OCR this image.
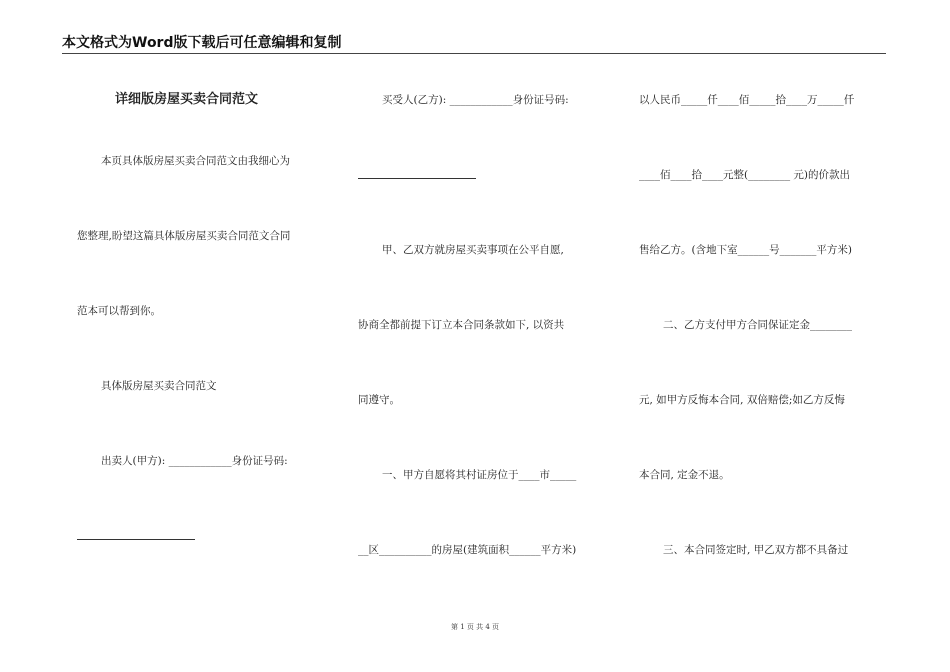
本文格式为Word版下载后可任意编辑和复制
详细版房屋买卖合同范文
本页具体版房屋买卖合同范文由我细心为
您整理,盼望这篇具体版房屋买卖合同范文合同
范本可以帮到你。
具体版房屋买卖合同范文
出卖人(甲方): ____________身份证号码:
买受人(乙方): ____________身份证号码:
甲、乙双方就房屋买卖事项在公平自愿,
协商全都前提下订立本合同条款如下, 以资共
同遵守。
一、甲方自愿将其村证房位于____市_____
__区__________的房屋(建筑面积______平方米)
以人民币_____仟____佰_____拾____万_____仟
____佰____拾____元整(________ 元)的价款出
售给乙方。(含地下室______号_______平方米)
二、乙方支付甲方合同保证定金________
元, 如甲方反悔本合同, 双倍赔偿;如乙方反悔
本合同, 定金不退。
三、本合同签定时, 甲乙双方都不具备过
第 1 页 共 4 页
